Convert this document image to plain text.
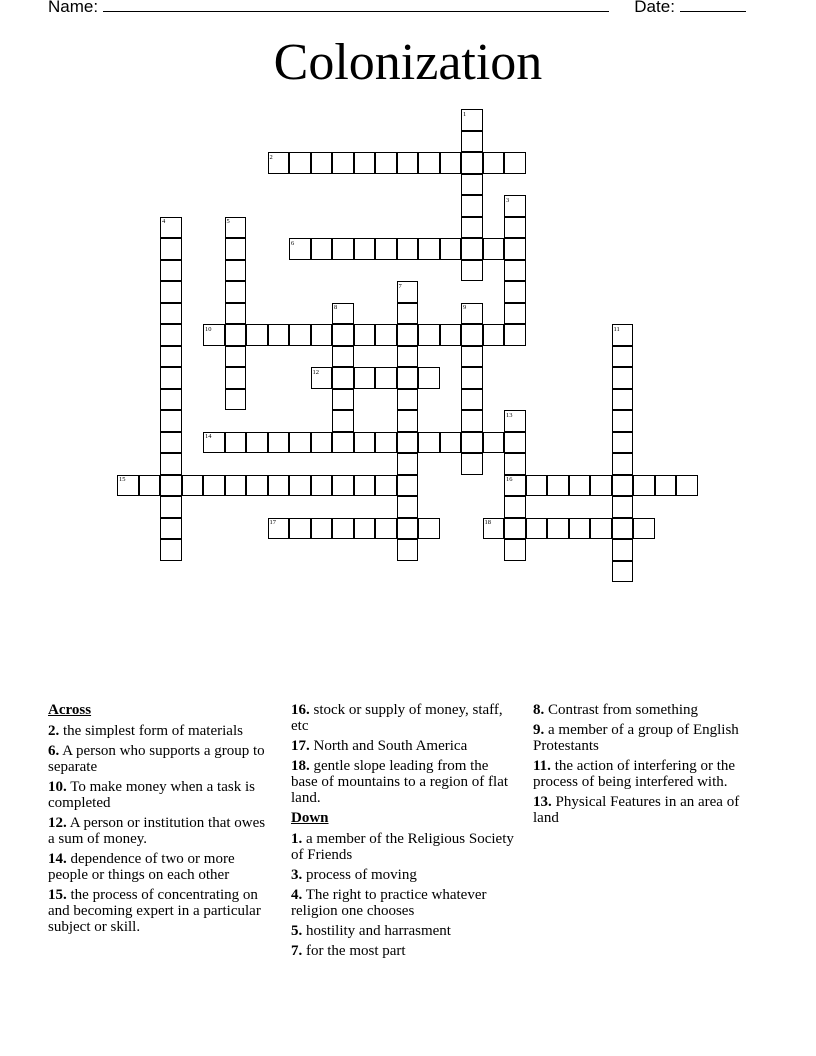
Name:	Date:
Colonization
1
2
3
4	5
6
7
8	9
10	11
12
13
14
15	16
17	18
Across
2. the simplest form of materials
6. A person who supports a group to separate
10. To make money when a task is completed
12. A person or institution that owes a sum of money.
14. dependence of two or more people or things on each other
15. the process of concentrating on and becoming expert in a particular subject or skill.
16. stock or supply of money, staff, etc
17. North and South America
18. gentle slope leading from the base of mountains to a region of flat land.
Down
1. a member of the Religious Society of Friends
3. process of moving
4. The right to practice whatever religion one chooses
5. hostility and harrasment
7. for the most part
8. Contrast from something
9. a member of a group of English Protestants
11. the action of interfering or the process of being interfered with.
13. Physical Features in an area of land
